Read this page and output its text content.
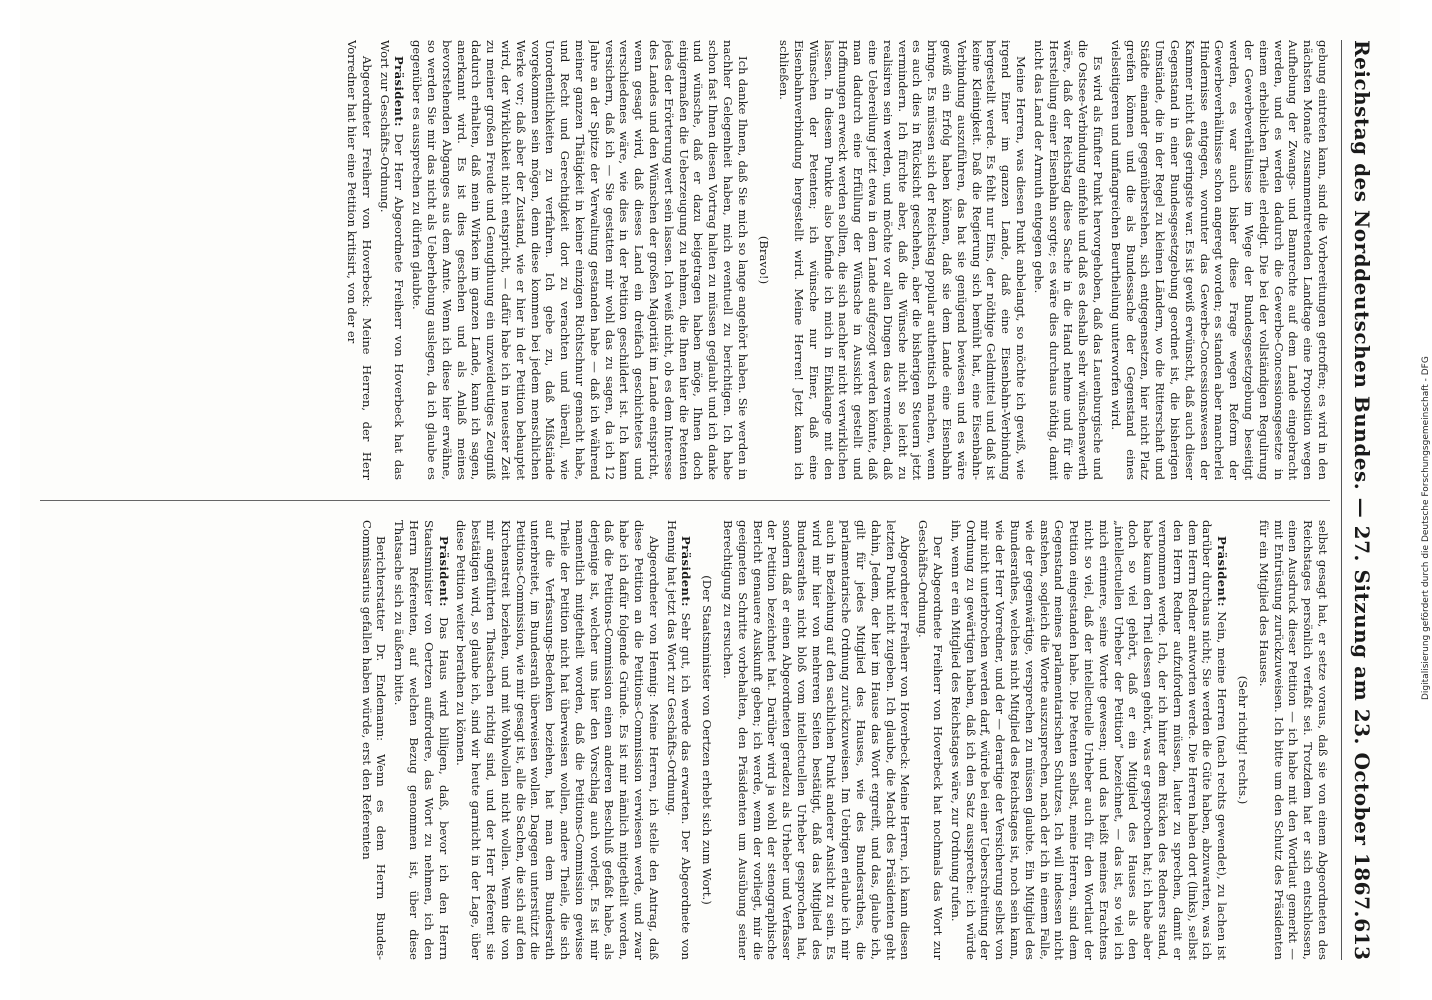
Reichstag des Norddeutschen Bundes. — 27. Sitzung am 23. October 1867.
613

gebung eintreten kann, sind die Vorbereitungen getroffen; es wird in den nächsten Monate zusammentretenden Landtage eine Proposition wegen Aufhebung der Zwangs- und Bannrechte auf dem Lande eingebracht werden, und es werden dadurch die Gewerbe-Concessionsgesetze in einem erheblichen Theile erledigt. Die bei der vollständigen Regulirung der Gewerbeverhältnisse im Wege der Bundesgesetzgebung beseitigt werden, es war auch bisher diese Frage wegen Reform der Gewerbeverhältnisse schon angeregt worden; es standen aber mancherlei Hindernisse entgegen, worunter das Gewerbe-Concessionswesen der Kammer nicht das geringste war. Es ist gewiß erwünscht, daß auch dieser Gegenstand in einer Bundesgesetzgebung geordnet ist, die bisherigen Umstände, die in der Regel zu kleinen Ländern, wo die Ritterschaft und Städte einander gegenüberstehen, sich entgegensetzen, hier nicht Platz greifen können und die als Bundessache der Gegenstand eines vielseitigeren und umfangreichen Beurtheilung unterworfen wird.

Es wird als fünfter Punkt hervorgehoben, daß das Lauenburgische und die Ostsee-Verbindung einfehle und daß es deshalb sehr wünschenswerth wäre, daß der Reichstag diese Sache in die Hand nehme und für die Herstellung einer Eisenbahn sorgte; es wäre dies durchaus nöthig, damit nicht das Land der Armuth entgegen gehe.

Meine Herren, was diesen Punkt anbelangt, so möchte ich gewiß, wie irgend Einer im ganzen Lande, daß eine Eisenbahn-Verbindung hergestellt werde. Es fehlt nur Eins, der nöthige Geldmittel und daß ist keine Kleinigkeit. Daß die Regierung sich bemüht hat, eine Eisenbahn-Verbindung auszuführen, das hat sie genügend bewiesen und es wäre gewiß ein Erfolg haben können, daß sie dem Lande eine Eisenbahn bringe. Es müssen sich der Reichstag popular authentisch machen, wenn es auch dies in Rücksicht geschehen, aber die bisherigen Steuern jetzt vermindern. Ich fürchte aber, daß die Wünsche nicht so leicht zu realisiren sein werden, und möchte vor allen Dingen das vermeiden, daß eine Uebereilung jetzt etwa in dem Lande aufgezogt werden könnte, daß man dadurch eine Erfüllung der Wünsche in Aussicht gestellt und Hoffnungen erweckt werden sollten, die sich nachher nicht verwirklichen lassen. In diesem Punkte also befinde ich mich in Einklange mit den Wünschen der Petenten; ich wünsche nur Einer, daß eine Eisenbahnverbindung hergestellt wird. Meine Herren! Jetzt kann ich schließen.

(Bravo!)

Ich danke Ihnen, daß Sie mich so lange angehört haben. Sie werden in nachher Gelegenheit haben, mich eventuell zu berichtigen. Ich habe schon fast Ihnen diesen Vortrag halten zu müssen geglaubt und ich danke und wünsche, daß er dazu beigetragen haben möge, Ihnen doch einigermaßen die Ueberzeugung zu nehmen, die Ihnen hier die Petenten jedes der Erörterung wert sein lassen. Ich weiß nicht, ob es dem Interesse des Landes und den Wünschen der großen Majorität im Lande entspricht, wenn gesagt wird, daß dieses Land ein dreifach geschichtetes und verschiedenes wäre, wie dies in der Petition geschildert ist. Ich kann versichern, daß ich — Sie gestatten mir wohl das zu sagen, da ich 12 Jahre an der Spitze der Verwaltung gestanden habe — daß ich während meiner ganzen Thätigkeit in keiner einzigen Richtschnur gemacht habe, und Recht und Gerechtigkeit dort zu verachten und überall, wie Unordentlichkeiten zu verfahren. Ich gebe zu, daß Mißstände vorgekommen sein mögen, denn diese kommen bei jedem menschlichen Werke vor; daß aber der Zustand, wie er hier in der Petition behauptet wird, der Wirklichkeit nicht entspricht, — dafür habe ich in neuester Zeit zu meiner großen Freude und Genugthuung ein unzweideutiges Zeugniß dadurch erhalten, daß mein Wirken im ganzen Lande, kann ich sagen, anerkannt wird. Es ist dies geschehen und als Anlaß meines bevorstehenden Abganges aus dem Amte. Wenn ich diese hier erwähne, so werden Sie mir das nicht als Ueberhebung auslegen, da ich glaube es gegenüber es aussprechen zu dürfen glaubte.

Präsident: Der Herr Abgeordnete Freiherr von Hoverbeck hat das Wort zur Geschäfts-Ordnung.

Abgeordneter Freiherr von Hoverbeck: Meine Herren, der Herr Vorredner hat hier eine Petition kritisirt, von der er

selbst gesagt hat, er setze voraus, daß sie von einem Abgeordneten des Reichstages persönlich verfaßt sei. Trotzdem hat er sich entschlossen, einen Ausdruck dieser Petition — ich habe mit den Wortlaut gemerkt — mit Entrüstung zurückzuweisen. Ich bitte um den Schutz des Präsidenten für ein Mitglied des Hauses.

(Sehr richtig! rechts.)

Präsident: Nein, meine Herren (nach rechts gewendet), zu lachen ist darüber durchaus nicht; Sie werden die Güte haben, abzuwarten, was ich dem Herrn Redner antworten werde. Die Herren haben dort (links), selbst den Herrn Redner aufzufordern müssen, lauter zu sprechen, damit er vernommen werde. Ich, der ich hinter dem Rücken des Redners stand, habe kaum den Theil dessen gehört, was er gesprochen hat; ich habe aber doch so viel gehört, daß er ein Mitglied des Hauses als den „intellectuellen Urheber der Petition“ bezeichnet, — das ist, so viel ich mich erinnere, seine Worte gewesen; und das heißt meines Erachtens nicht so viel, daß der intellectuelle Urheber auch für den Wortlaut der Petition eingestanden habe. Die Petenten selbst, meine Herren, sind dem Gegenstand meines parlamentarischen Schutzes. Ich will indessen nicht anstehen, sogleich die Worte auszusprechen, nach der ich in einem Falle, wie der gegenwärtige, versprechen zu müssen glaubte. Ein Mitglied des Bundesrathes, welches nicht Mitglied des Reichstages ist, noch sein kann, wie der Herr Vorredner, und der — derartige der Versicherung selbst von mir nicht unterbrochen werden darf, würde bei einer Ueberschreitung der Ordnung zu gewärtigen haben, daß ich den Satz ausspreche: ich würde ihn, wenn er ein Mitglied des Reichstages wäre, zur Ordnung rufen.

Der Abgeordnete Freiherr von Hoverbeck hat nochmals das Wort zur Geschäfts-Ordnung.

Abgeordneter Freiherr von Hoverbeck: Meine Herren, ich kann diesen letzten Punkt nicht zugeben. Ich glaube, die Macht des Präsidenten geht dahin, Jedem, der hier im Hause das Wort ergreift, und das, glaube ich, gilt für jedes Mitglied des Hauses, wie des Bundesrathes, die parlamentarische Ordnung zurückzuweisen. Im Uebrigen erlaube ich mir auch in Beziehung auf den sachlichen Punkt anderer Ansicht zu sein. Es wird mir hier von mehreren Seiten bestätigt, daß das Mitglied des Bundesrathes nicht bloß vom intellectuellen Urheber gesprochen hat, sondern daß er einen Abgeordneten geradezu als Urheber und Verfasser der Petition bezeichnet hat. Darüber wird ja wohl der stenographische Bericht genauere Auskunft geben; ich werde, wenn der vorliegt, mir die geeigneten Schritte vorbehalten, den Präsidenten um Ausübung seiner Berechtigung zu ersuchen.

(Der Staatsminister von Oertzen erhebt sich zum Wort.)

Präsident: Sehr gut, ich werde das erwarten. Der Abgeordnete von Hennig hat jetzt das Wort zur Geschäfts-Ordnung.

Abgeordneter von Hennig: Meine Herren, ich stelle den Antrag, daß diese Petition an die Petitions-Commission verwiesen werde, und zwar habe ich dafür folgende Gründe. Es ist mir nämlich mitgetheilt worden, daß die Petitions-Commission einen anderen Beschluß gefaßt habe, als derjenige ist, welcher uns hier den Vorschlag auch vorlegt. Es ist mir namentlich mitgetheilt worden, daß die Petitions-Commission gewisse Theile der Petition nicht hat überweisen wollen, andere Theile, die sich auf die Verfassungs-Bedenken beziehen, hat man dem Bundesrath unterbreitet, im Bundesrath überweisen wollen. Dagegen unterstützt die Petitions-Commission, wie mir gesagt ist, alle die Sachen, die sich auf den Kirchenstreit beziehen, und mit Wohlwollen nicht wollen. Wenn die von mir angeführten Thatsachen richtig sind, und der Herr Referent sie bestätigen wird, so glaube ich, sind wir heute garnicht in der Lage, über diese Petition weiter berathen zu können.

Präsident: Das Haus wird billigen, daß, bevor ich den Herrn Staatsminister von Oertzen auffordere, das Wort zu nehmen, ich den Herrn Referenten, auf welchen Bezug genommen ist, über diese Thatsache sich zu äußern bitte.

Berichterstatter Dr. Endemann: Wenn es dem Herrn Bundes-Commissarius gefallen haben würde, erst den Referenten	Digitalisierung gefördert durch die Deutsche Forschungsgemeinschaft - DFG
